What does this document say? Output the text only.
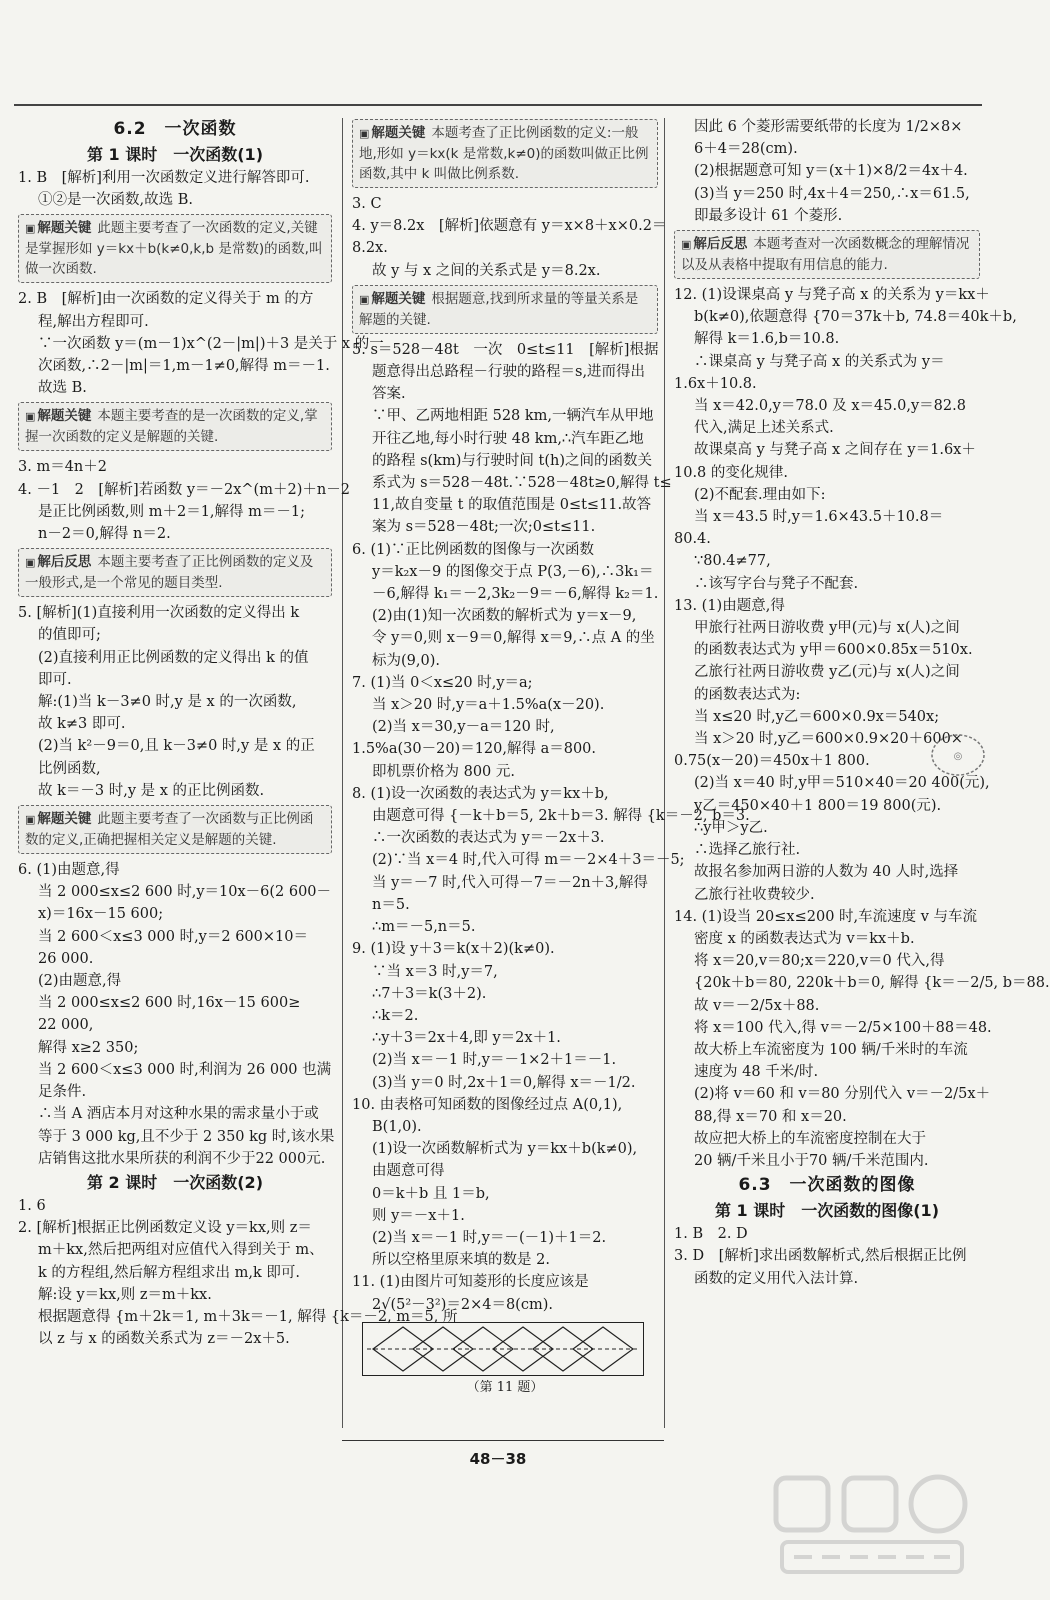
6.2　一次函数
第 1 课时　一次函数(1)
1. B　[解析]利用一次函数定义进行解答即可.
①②是一次函数,故选 B.
▣ 解题关键 此题主要考查了一次函数的定义,关键是掌握形如 y＝kx＋b(k≠0,k,b 是常数)的函数,叫做一次函数.
2. B　[解析]由一次函数的定义得关于 m 的方
程,解出方程即可.
∵一次函数 y＝(m－1)x^(2－|m|)＋3 是关于 x 的一
次函数,∴2－|m|＝1,m－1≠0,解得 m＝－1.
故选 B.
▣ 解题关键 本题主要考查的是一次函数的定义,掌握一次函数的定义是解题的关键.
3. m＝4n＋2
4. －1　2　[解析]若函数 y＝－2x^(m＋2)＋n－2
是正比例函数,则 m＋2＝1,解得 m＝－1;
n－2＝0,解得 n＝2.
▣ 解后反思 本题主要考查了正比例函数的定义及一般形式,是一个常见的题目类型.
5. [解析](1)直接利用一次函数的定义得出 k
的值即可;
(2)直接利用正比例函数的定义得出 k 的值
即可.
解:(1)当 k－3≠0 时,y 是 x 的一次函数,
故 k≠3 即可.
(2)当 k²－9＝0,且 k－3≠0 时,y 是 x 的正
比例函数,
故 k＝－3 时,y 是 x 的正比例函数.
▣ 解题关键 此题主要考查了一次函数与正比例函数的定义,正确把握相关定义是解题的关键.
6. (1)由题意,得
当 2 000≤x≤2 600 时,y＝10x－6(2 600－
x)＝16x－15 600;
当 2 600＜x≤3 000 时,y＝2 600×10＝
26 000.
(2)由题意,得
当 2 000≤x≤2 600 时,16x－15 600≥
22 000,
解得 x≥2 350;
当 2 600＜x≤3 000 时,利润为 26 000 也满
足条件.
∴当 A 酒店本月对这种水果的需求量小于或
等于 3 000 kg,且不少于 2 350 kg 时,该水果
店销售这批水果所获的利润不少于22 000元.
第 2 课时　一次函数(2)
1. 6
2. [解析]根据正比例函数定义设 y＝kx,则 z＝
m＋kx,然后把两组对应值代入得到关于 m、
k 的方程组,然后解方程组求出 m,k 即可.
解:设 y＝kx,则 z＝m＋kx.
根据题意得 {m＋2k＝1, m＋3k＝－1, 解得 {k＝－2, m＝5, 所
以 z 与 x 的函数关系式为 z＝－2x＋5.
▣ 解题关键 本题考查了正比例函数的定义:一般地,形如 y＝kx(k 是常数,k≠0)的函数叫做正比例函数,其中 k 叫做比例系数.
3. C
4. y＝8.2x　[解析]依题意有 y＝x×8＋x×0.2＝
8.2x.
故 y 与 x 之间的关系式是 y＝8.2x.
▣ 解题关键 根据题意,找到所求量的等量关系是解题的关键.
5. s＝528－48t　一次　0≤t≤11　[解析]根据
题意得出总路程－行驶的路程＝s,进而得出
答案.
∵甲、乙两地相距 528 km,一辆汽车从甲地
开往乙地,每小时行驶 48 km,∴汽车距乙地
的路程 s(km)与行驶时间 t(h)之间的函数关
系式为 s＝528－48t.∵528－48t≥0,解得 t≤
11,故自变量 t 的取值范围是 0≤t≤11.故答
案为 s＝528－48t;一次;0≤t≤11.
6. (1)∵正比例函数的图像与一次函数
y＝k₂x－9 的图像交于点 P(3,－6),∴3k₁＝
－6,解得 k₁＝－2,3k₂－9＝－6,解得 k₂＝1.
(2)由(1)知一次函数的解析式为 y＝x－9,
令 y＝0,则 x－9＝0,解得 x＝9,∴点 A 的坐
标为(9,0).
7. (1)当 0＜x≤20 时,y＝a;
当 x＞20 时,y＝a＋1.5%a(x－20).
(2)当 x＝30,y－a＝120 时,
1.5%a(30－20)＝120,解得 a＝800.
即机票价格为 800 元.
8. (1)设一次函数的表达式为 y＝kx＋b,
由题意可得 {－k＋b＝5, 2k＋b＝3. 解得 {k＝－2, b＝3.
∴一次函数的表达式为 y＝－2x＋3.
(2)∵当 x＝4 时,代入可得 m＝－2×4＋3＝－5;
当 y＝－7 时,代入可得－7＝－2n＋3,解得
n＝5.
∴m＝－5,n＝5.
9. (1)设 y＋3＝k(x＋2)(k≠0).
∵当 x＝3 时,y＝7,
∴7＋3＝k(3＋2).
∴k＝2.
∴y＋3＝2x＋4,即 y＝2x＋1.
(2)当 x＝－1 时,y＝－1×2＋1＝－1.
(3)当 y＝0 时,2x＋1＝0,解得 x＝－1/2.
10. 由表格可知函数的图像经过点 A(0,1),
B(1,0).
(1)设一次函数解析式为 y＝kx＋b(k≠0),
由题意可得
0＝k＋b 且 1＝b,
则 y＝－x＋1.
(2)当 x＝－1 时,y＝－(－1)＋1＝2.
所以空格里原来填的数是 2.
11. (1)由图片可知菱形的长度应该是
2√(5²－3²)＝2×4＝8(cm).
（第 11 题）
因此 6 个菱形需要纸带的长度为 1/2×8×
6＋4＝28(cm).
(2)根据题意可知 y＝(x＋1)×8/2＝4x＋4.
(3)当 y＝250 时,4x＋4＝250,∴x＝61.5,
即最多设计 61 个菱形.
▣ 解后反思 本题考查对一次函数概念的理解情况以及从表格中提取有用信息的能力.
12. (1)设课桌高 y 与凳子高 x 的关系为 y＝kx＋
b(k≠0),依题意得 {70＝37k＋b, 74.8＝40k＋b,
解得 k＝1.6,b＝10.8.
∴课桌高 y 与凳子高 x 的关系式为 y＝
1.6x＋10.8.
当 x＝42.0,y＝78.0 及 x＝45.0,y＝82.8
代入,满足上述关系式.
故课桌高 y 与凳子高 x 之间存在 y＝1.6x＋
10.8 的变化规律.
(2)不配套.理由如下:
当 x＝43.5 时,y＝1.6×43.5＋10.8＝
80.4.
∵80.4≠77,
∴该写字台与凳子不配套.
13. (1)由题意,得
甲旅行社两日游收费 y甲(元)与 x(人)之间
的函数表达式为 y甲＝600×0.85x＝510x.
乙旅行社两日游收费 y乙(元)与 x(人)之间
的函数表达式为:
当 x≤20 时,y乙＝600×0.9x＝540x;
当 x＞20 时,y乙＝600×0.9×20＋600×
0.75(x－20)＝450x＋1 800.
(2)当 x＝40 时,y甲＝510×40＝20 400(元),
y乙＝450×40＋1 800＝19 800(元).
∴y甲＞y乙.
∴选择乙旅行社.
故报名参加两日游的人数为 40 人时,选择
乙旅行社收费较少.
14. (1)设当 20≤x≤200 时,车流速度 v 与车流
密度 x 的函数表达式为 v＝kx＋b.
将 x＝20,v＝80;x＝220,v＝0 代入,得
{20k＋b＝80, 220k＋b＝0, 解得 {k＝－2/5, b＝88.
故 v＝－2/5x＋88.
将 x＝100 代入,得 v＝－2/5×100＋88＝48.
故大桥上车流密度为 100 辆/千米时的车流
速度为 48 千米/时.
(2)将 v＝60 和 v＝80 分别代入 v＝－2/5x＋
88,得 x＝70 和 x＝20.
故应把大桥上的车流密度控制在大于
20 辆/千米且小于70 辆/千米范围内.
6.3　一次函数的图像
第 1 课时　一次函数的图像(1)
1. B　2. D
3. D　[解析]求出函数解析式,然后根据正比例
函数的定义用代入法计算.
48－38
◎
